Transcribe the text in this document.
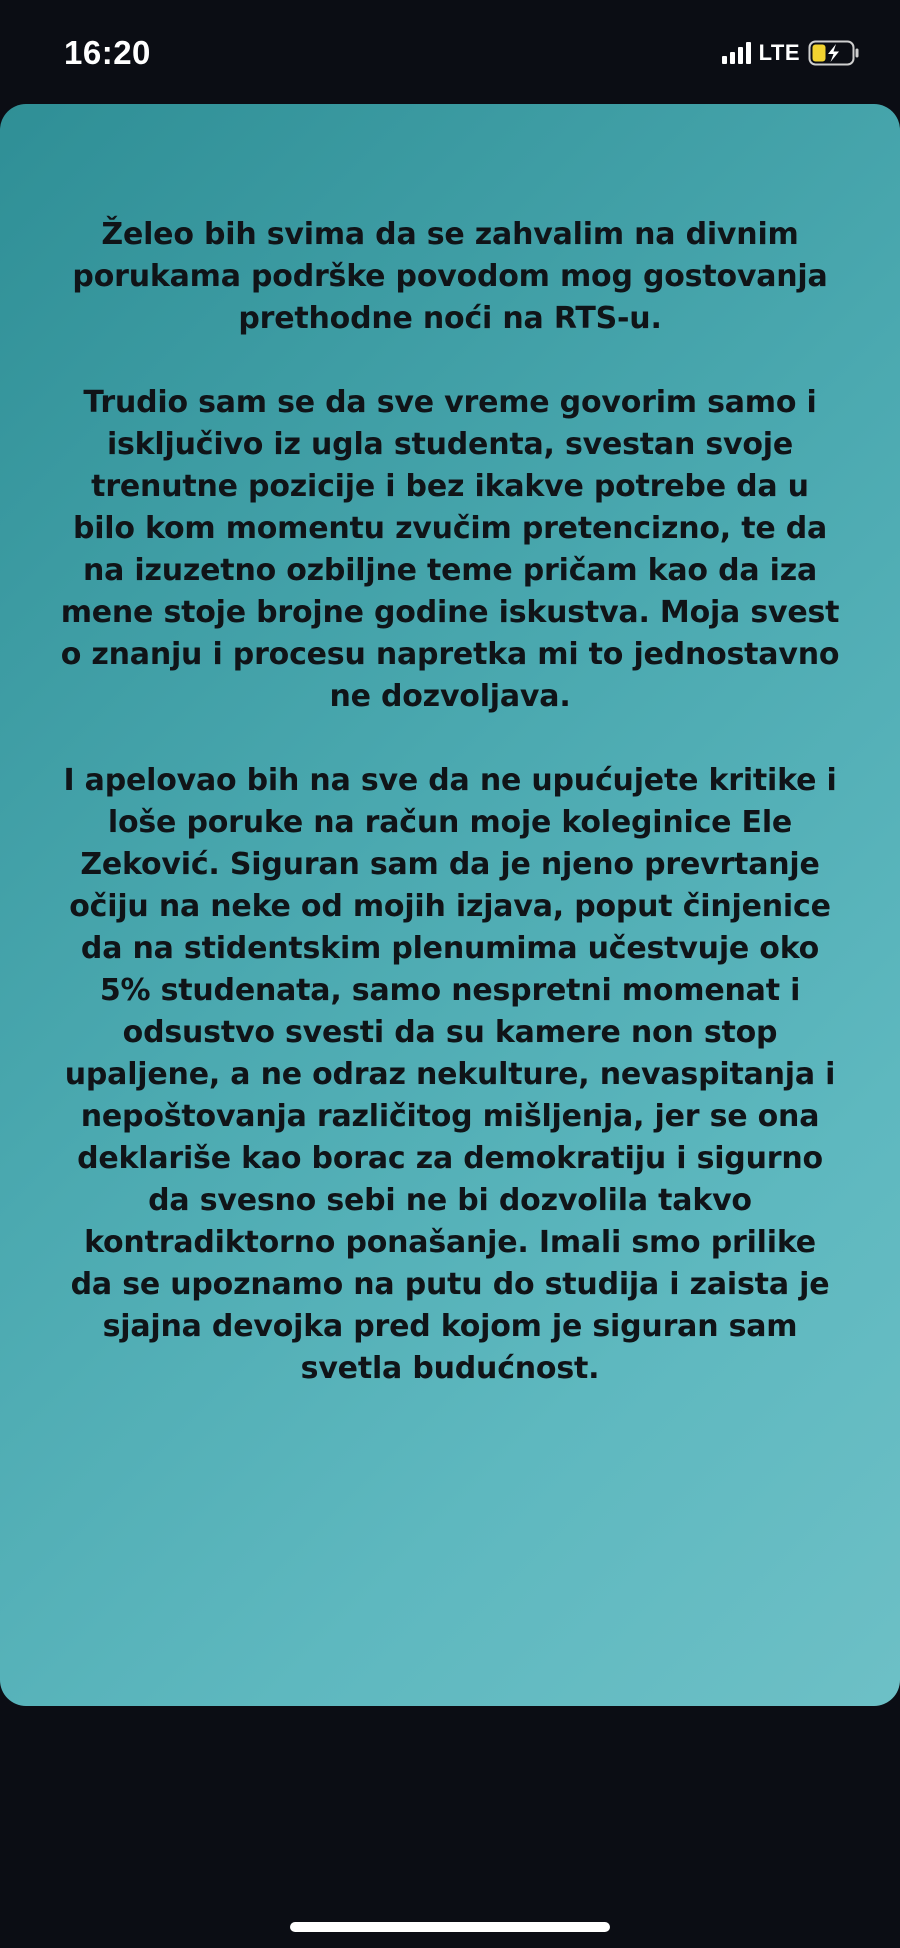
16:20	LTE

Želeo bih svima da se zahvalim na divnim porukama podrške povodom mog gostovanja prethodne noći na RTS-u.

Trudio sam se da sve vreme govorim samo i isključivo iz ugla studenta, svestan svoje trenutne pozicije i bez ikakve potrebe da u bilo kom momentu zvučim pretencizno, te da na izuzetno ozbiljne teme pričam kao da iza mene stoje brojne godine iskustva. Moja svest o znanju i procesu napretka mi to jednostavno ne dozvoljava.

I apelovao bih na sve da ne upućujete kritike i loše poruke na račun moje koleginice Ele Zeković. Siguran sam da je njeno prevrtanje očiju na neke od mojih izjava, poput činjenice da na stidentskim plenumima učestvuje oko 5% studenata, samo nespretni momenat i odsustvo svesti da su kamere non stop upaljene, a ne odraz nekulture, nevaspitanja i nepoštovanja različitog mišljenja, jer se ona deklariše kao borac za demokratiju i sigurno da svesno sebi ne bi dozvolila takvo kontradiktorno ponašanje. Imali smo prilike da se upoznamo na putu do studija i zaista je sjajna devojka pred kojom je siguran sam svetla budućnost.
